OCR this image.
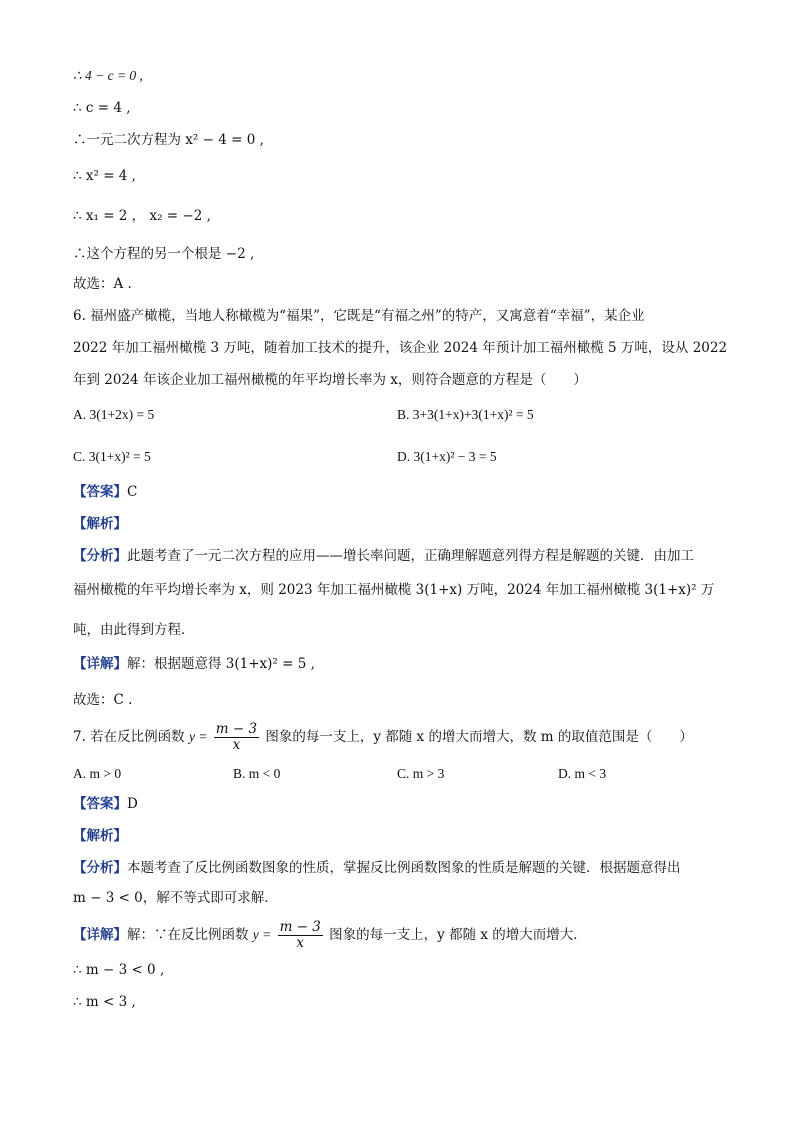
∴ 4 − c = 0 ,
∴ c = 4 ,
∴一元二次方程为 x² − 4 = 0 ,
∴ x² = 4 ,
∴ x₁ = 2 ， x₂ = −2 ,
∴这个方程的另一个根是 −2 ,
故选：A .
6. 福州盛产橄榄，当地人称橄榄为“福果”，它既是“有福之州”的特产，又寓意着“幸福”，某企业
2022 年加工福州橄榄 3 万吨，随着加工技术的提升，该企业 2024 年预计加工福州橄榄 5 万吨，设从 2022
年到 2024 年该企业加工福州橄榄的年平均增长率为 x，则符合题意的方程是（　　）
A. 3(1+2x) = 5	B. 3+3(1+x)+3(1+x)² = 5
C. 3(1+x)² = 5	D. 3(1+x)² − 3 = 5
【答案】C
【解析】
【分析】此题考查了一元二次方程的应用——增长率问题，正确理解题意列得方程是解题的关键．由加工
福州橄榄的年平均增长率为 x，则 2023 年加工福州橄榄 3(1+x) 万吨，2024 年加工福州橄榄 3(1+x)² 万
吨，由此得到方程．
【详解】解：根据题意得 3(1+x)² = 5 ,
故选：C .
7. 若在反比例函数 $y = \frac{m - 3}{x}$ 图象的每一支上，y 都随 x 的增大而增大，数 m 的取值范围是（　　）
A. m > 0	B. m < 0	C. m > 3	D. m < 3
【答案】D
【解析】
【分析】本题考查了反比例函数图象的性质，掌握反比例函数图象的性质是解题的关键．根据题意得出
m − 3 < 0，解不等式即可求解．
【详解】解：∵在反比例函数 $y = \frac{m - 3}{x}$ 图象的每一支上，y 都随 x 的增大而增大．
∴ m − 3 < 0 ,
∴ m < 3 ,
